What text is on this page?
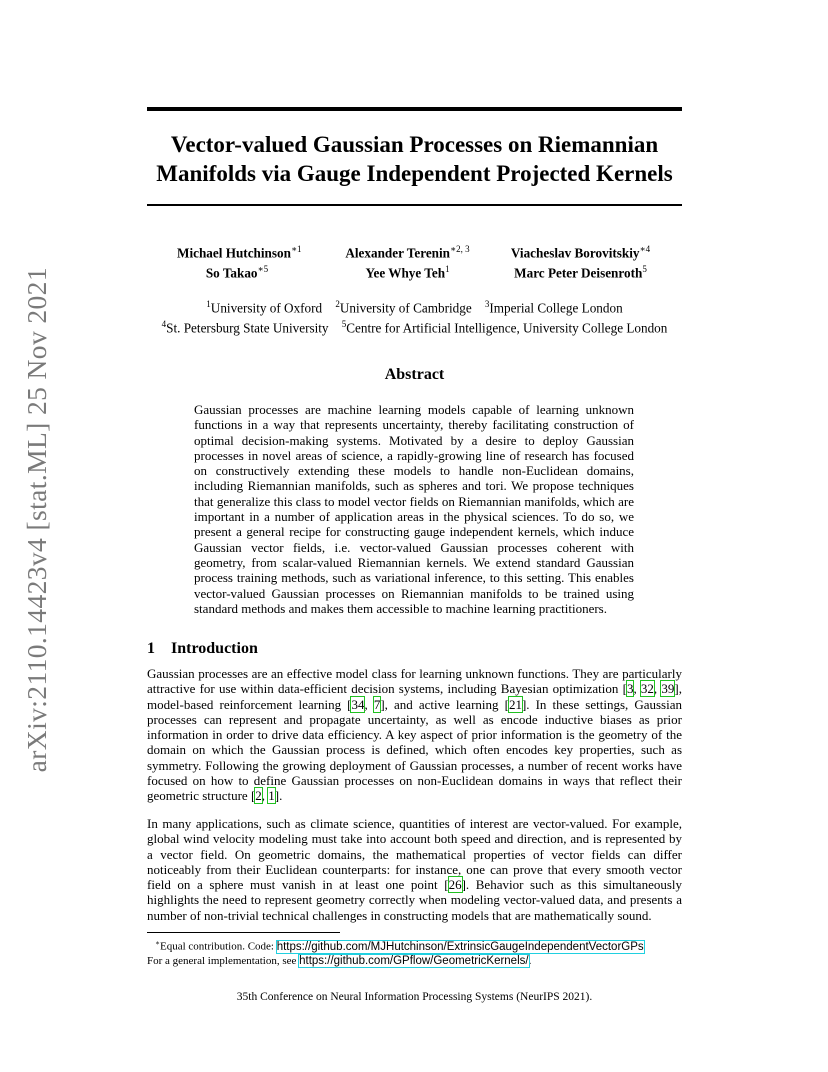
arXiv:2110.14423v4 [stat.ML] 25 Nov 2021
Vector-valued Gaussian Processes on Riemannian
Manifolds via Gauge Independent Projected Kernels
Michael Hutchinson$^{∗1}$
So Takao$^{∗5}$
Alexander Terenin$^{∗2, 3}$
Yee Whye Teh$^1$
Viacheslav Borovitskiy$^{∗4}$
Marc Peter Deisenroth$^5$
$^1$University of Oxford $^2$University of Cambridge $^3$Imperial College London
$^4$St. Petersburg State University $^5$Centre for Artificial Intelligence, University College London
Abstract
Gaussian processes are machine learning models capable of learning unknown functions in a way that represents uncertainty, thereby facilitating construction of optimal decision-making systems. Motivated by a desire to deploy Gaussian processes in novel areas of science, a rapidly-growing line of research has focused on constructively extending these models to handle non-Euclidean domains, including Riemannian manifolds, such as spheres and tori. We propose techniques that generalize this class to model vector fields on Riemannian manifolds, which are important in a number of application areas in the physical sciences. To do so, we present a general recipe for constructing gauge independent kernels, which induce Gaussian vector fields, i.e. vector-valued Gaussian processes coherent with geometry, from scalar-valued Riemannian kernels. We extend standard Gaussian process training methods, such as variational inference, to this setting. This enables vector-valued Gaussian processes on Riemannian manifolds to be trained using standard methods and makes them accessible to machine learning practitioners.
1 Introduction
Gaussian processes are an effective model class for learning unknown functions. They are particularly attractive for use within data-efficient decision systems, including Bayesian optimization [3, 32, 39], model-based reinforcement learning [34, 7], and active learning [21]. In these settings, Gaussian processes can represent and propagate uncertainty, as well as encode inductive biases as prior information in order to drive data efficiency. A key aspect of prior information is the geometry of the domain on which the Gaussian process is defined, which often encodes key properties, such as symmetry. Following the growing deployment of Gaussian processes, a number of recent works have focused on how to define Gaussian processes on non-Euclidean domains in ways that reflect their geometric structure [2, 1].
In many applications, such as climate science, quantities of interest are vector-valued. For example, global wind velocity modeling must take into account both speed and direction, and is represented by a vector field. On geometric domains, the mathematical properties of vector fields can differ noticeably from their Euclidean counterparts: for instance, one can prove that every smooth vector field on a sphere must vanish in at least one point [26]. Behavior such as this simultaneously highlights the need to represent geometry correctly when modeling vector-valued data, and presents a number of non-trivial technical challenges in constructing models that are mathematically sound.
∗Equal contribution. Code: https://github.com/MJHutchinson/ExtrinsicGaugeIndependentVectorGPs
For a general implementation, see https://github.com/GPflow/GeometricKernels/.
35th Conference on Neural Information Processing Systems (NeurIPS 2021).
